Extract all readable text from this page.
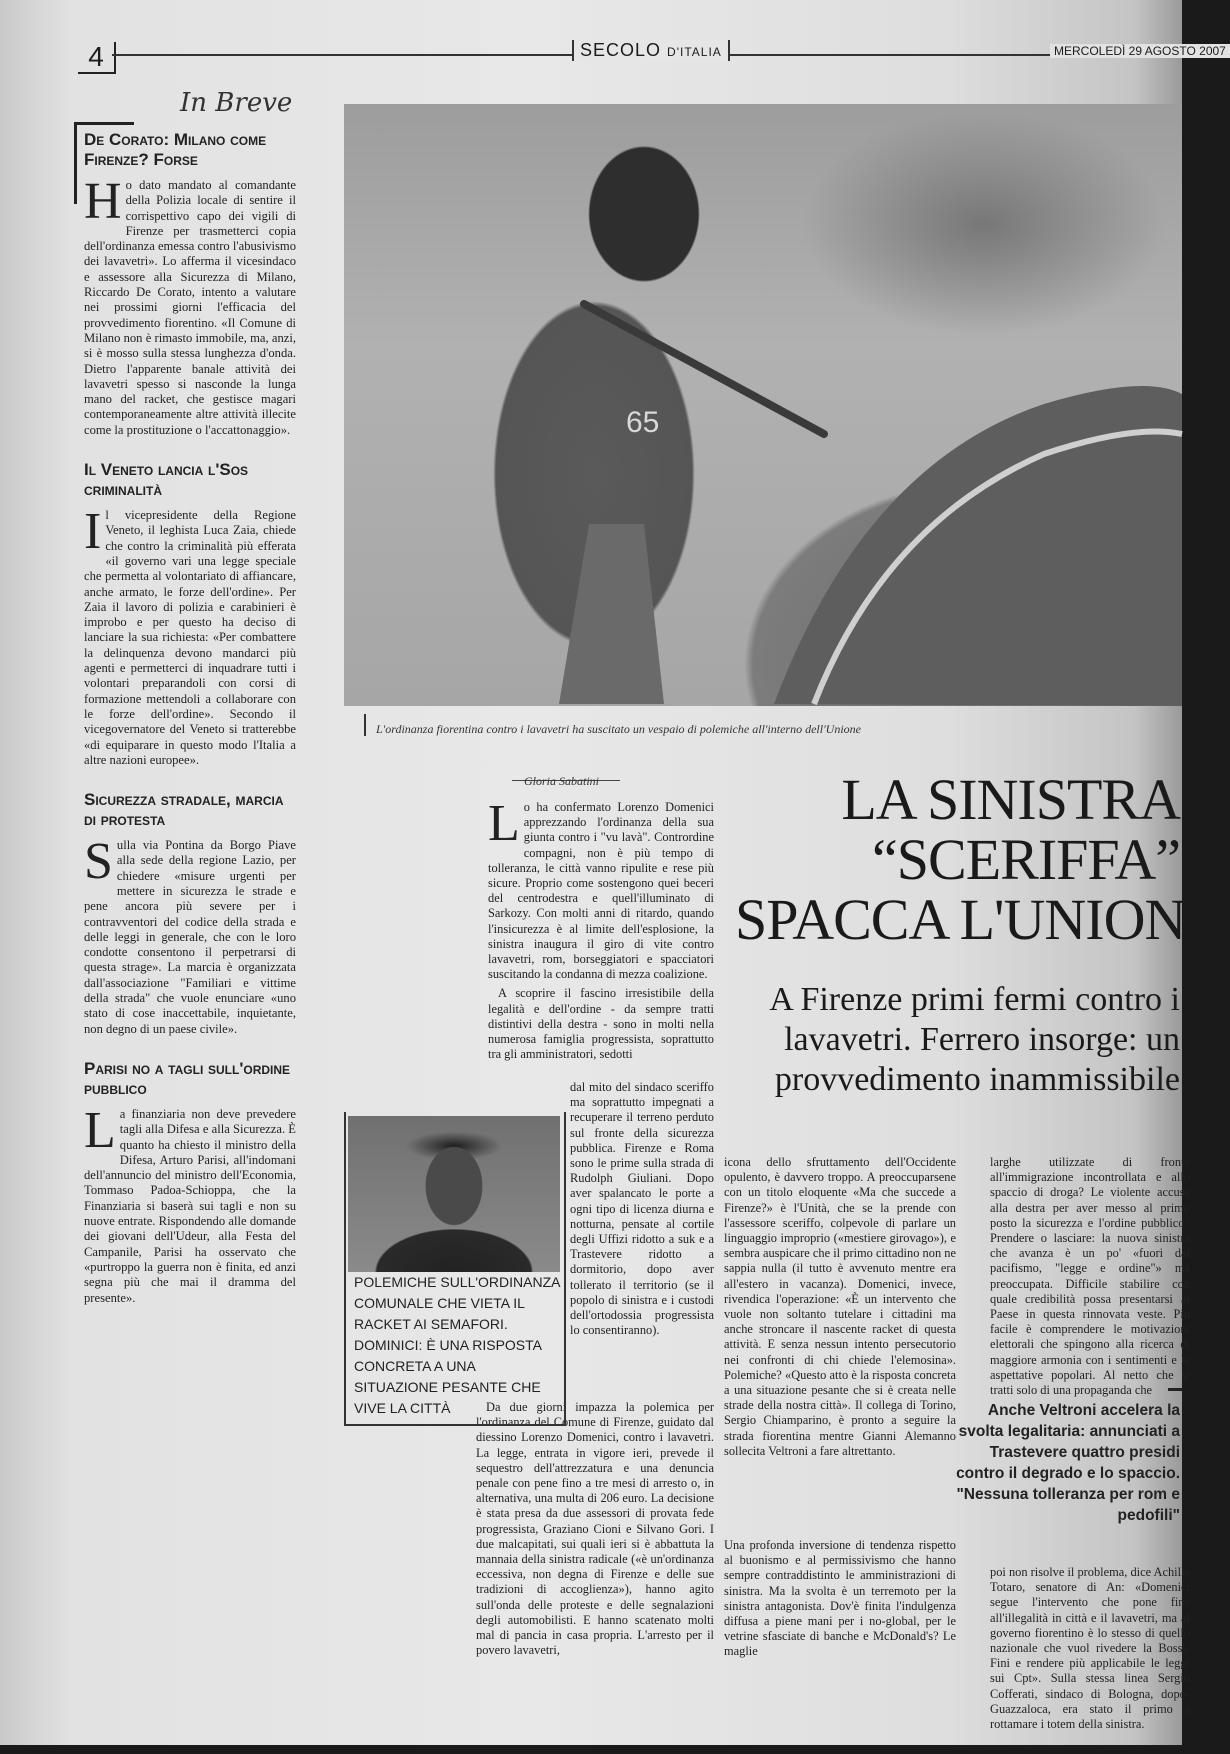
4	SECOLO D'ITALIA	MERCOLEDÌ 29 AGOSTO 2007
In Breve
De Corato: Milano come Firenze? Forse
Ho dato mandato al comandante della Polizia locale di sentire il corrispettivo capo dei vigili di Firenze per trasmetterci copia dell'ordinanza emessa contro l'abusivismo dei lavavetri». Lo afferma il vicesindaco e assessore alla Sicurezza di Milano, Riccardo De Corato, intento a valutare nei prossimi giorni l'efficacia del provvedimento fiorentino. «Il Comune di Milano non è rimasto immobile, ma, anzi, si è mosso sulla stessa lunghezza d'onda. Dietro l'apparente banale attività dei lavavetri spesso si nasconde la lunga mano del racket, che gestisce magari contemporaneamente altre attività illecite come la prostituzione o l'accattonaggio».
Il Veneto lancia l'Sos criminalità
Il vicepresidente della Regione Veneto, il leghista Luca Zaia, chiede che contro la criminalità più efferata «il governo vari una legge speciale che permetta al volontariato di affiancare, anche armato, le forze dell'ordine». Per Zaia il lavoro di polizia e carabinieri è improbo e per questo ha deciso di lanciare la sua richiesta: «Per combattere la delinquenza devono mandarci più agenti e permetterci di inquadrare tutti i volontari preparandoli con corsi di formazione mettendoli a collaborare con le forze dell'ordine». Secondo il vicegovernatore del Veneto si tratterebbe «di equiparare in questo modo l'Italia a altre nazioni europee».
Sicurezza stradale, marcia di protesta
Sulla via Pontina da Borgo Piave alla sede della regione Lazio, per chiedere «misure urgenti per mettere in sicurezza le strade e pene ancora più severe per i contravventori del codice della strada e delle leggi in generale, che con le loro condotte consentono il perpetrarsi di questa strage». La marcia è organizzata dall'associazione "Familiari e vittime della strada" che vuole enunciare «uno stato di cose inaccettabile, inquietante, non degno di un paese civile».
Parisi no a tagli sull'ordine pubblico
La finanziaria non deve prevedere tagli alla Difesa e alla Sicurezza. È quanto ha chiesto il ministro della Difesa, Arturo Parisi, all'indomani dell'annuncio del ministro dell'Economia, Tommaso Padoa-Schioppa, che la Finanziaria si baserà sui tagli e non su nuove entrate. Rispondendo alle domande dei giovani dell'Udeur, alla Festa del Campanile, Parisi ha osservato che «purtroppo la guerra non è finita, ed anzi segna più che mai il dramma del presente».
65
L'ordinanza fiorentina contro i lavavetri ha suscitato un vespaio di polemiche all'interno dell'Unione
Gloria Sabatini	LA SINISTRA
“SCERIFFA”
SPACCA L'UNIONE
A Firenze primi fermi contro i lavavetri. Ferrero insorge: un provvedimento inammissibile

Lo ha confermato Lorenzo Domenici apprezzando l'ordinanza della sua giunta contro i "vu lavà". Contrordine compagni, non è più tempo di tolleranza, le città vanno ripulite e rese più sicure. Proprio come sostengono quei beceri del centrodestra e quell'illuminato di Sarkozy. Con molti anni di ritardo, quando l'insicurezza è al limite dell'esplosione, la sinistra inaugura il giro di vite contro lavavetri, rom, borseggiatori e spacciatori suscitando la condanna di mezza coalizione.

A scoprire il fascino irresistibile della legalità e dell'ordine - da sempre tratti distintivi della destra - sono in molti nella numerosa famiglia progressista, soprattutto tra gli amministratori, sedotti

dal mito del sindaco sceriffo ma soprattutto impegnati a recuperare il terreno perduto sul fronte della sicurezza pubblica. Firenze e Roma sono le prime sulla strada di Rudolph Giuliani. Dopo aver spalancato le porte a ogni tipo di licenza diurna e notturna, pensate al cortile degli Uffizi ridotto a suk e a Trastevere ridotto a dormitorio, dopo aver tollerato il territorio (se il popolo di sinistra e i custodi dell'ortodossia progressista lo consentiranno).

Da due giorni impazza la polemica per l'ordinanza del Comune di Firenze, guidato dal diessino Lorenzo Domenici, contro i lavavetri. La legge, entrata in vigore ieri, prevede il sequestro dell'attrezzatura e una denuncia penale con pene fino a tre mesi di arresto o, in alternativa, una multa di 206 euro. La decisione è stata presa da due assessori di provata fede progressista, Graziano Cioni e Silvano Gori. I due malcapitati, sui quali ieri si è abbattuta la mannaia della sinistra radicale («è un'ordinanza eccessiva, non degna di Firenze e delle sue tradizioni di accoglienza»), hanno agito sull'onda delle proteste e delle segnalazioni degli automobilisti. E hanno scatenato molti mal di pancia in casa propria. L'arresto per il povero lavavetri,

POLEMICHE SULL'ORDINANZA COMUNALE CHE VIETA IL RACKET AI SEMAFORI. DOMINICI: È UNA RISPOSTA CONCRETA A UNA SITUAZIONE PESANTE CHE VIVE LA CITTÀ

icona dello sfruttamento dell'Occidente opulento, è davvero troppo. A preoccuparsene con un titolo eloquente «Ma che succede a Firenze?» è l'Unità, che se la prende con l'assessore sceriffo, colpevole di parlare un linguaggio improprio («mestiere girovago»), e sembra auspicare che il primo cittadino non ne sappia nulla (il tutto è avvenuto mentre era all'estero in vacanza). Domenici, invece, rivendica l'operazione: «È un intervento che vuole non soltanto tutelare i cittadini ma anche stroncare il nascente racket di questa attività. E senza nessun intento persecutorio nei confronti di chi chiede l'elemosina». Polemiche? «Questo atto è la risposta concreta a una situazione pesante che si è creata nelle strade della nostra città». Il collega di Torino, Sergio Chiamparino, è pronto a seguire la strada fiorentina mentre Gianni Alemanno sollecita Veltroni a fare altrettanto.

Una profonda inversione di tendenza rispetto al buonismo e al permissivismo che hanno sempre contraddistinto le amministrazioni di sinistra. Ma la svolta è un terremoto per la sinistra antagonista. Dov'è finita l'indulgenza diffusa a piene mani per i no-global, per le vetrine sfasciate di banche e McDonald's? Le maglie

larghe utilizzate di fronte all'immigrazione incontrollata e allo spaccio di droga? Le violente accuse alla destra per aver messo al primo posto la sicurezza e l'ordine pubblico? Prendere o lasciare: la nuova sinistra che avanza è un po' «fuori dal pacifismo, "legge e ordine"» ma preoccupata. Difficile stabilire con quale credibilità possa presentarsi al Paese in questa rinnovata veste. Più facile è comprendere le motivazioni elettorali che spingono alla ricerca di maggiore armonia con i sentimenti e le aspettative popolari. Al netto che si tratti solo di una propaganda che

Anche Veltroni accelera la svolta legalitaria: annunciati a Trastevere quattro presidi contro il degrado e lo spaccio. "Nessuna tolleranza per rom e pedofili"

poi non risolve il problema, dice Achille Totaro, senatore di An: «Domenici segue l'intervento che pone fine all'illegalità in città e il lavavetri, ma al governo fiorentino è lo stesso di quello nazionale che vuol rivedere la Bossi-Fini e rendere più applicabile le leggi sui Cpt». Sulla stessa linea Sergio Cofferati, sindaco di Bologna, dopo-Guazzaloca, era stato il primo a rottamare i totem della sinistra.
